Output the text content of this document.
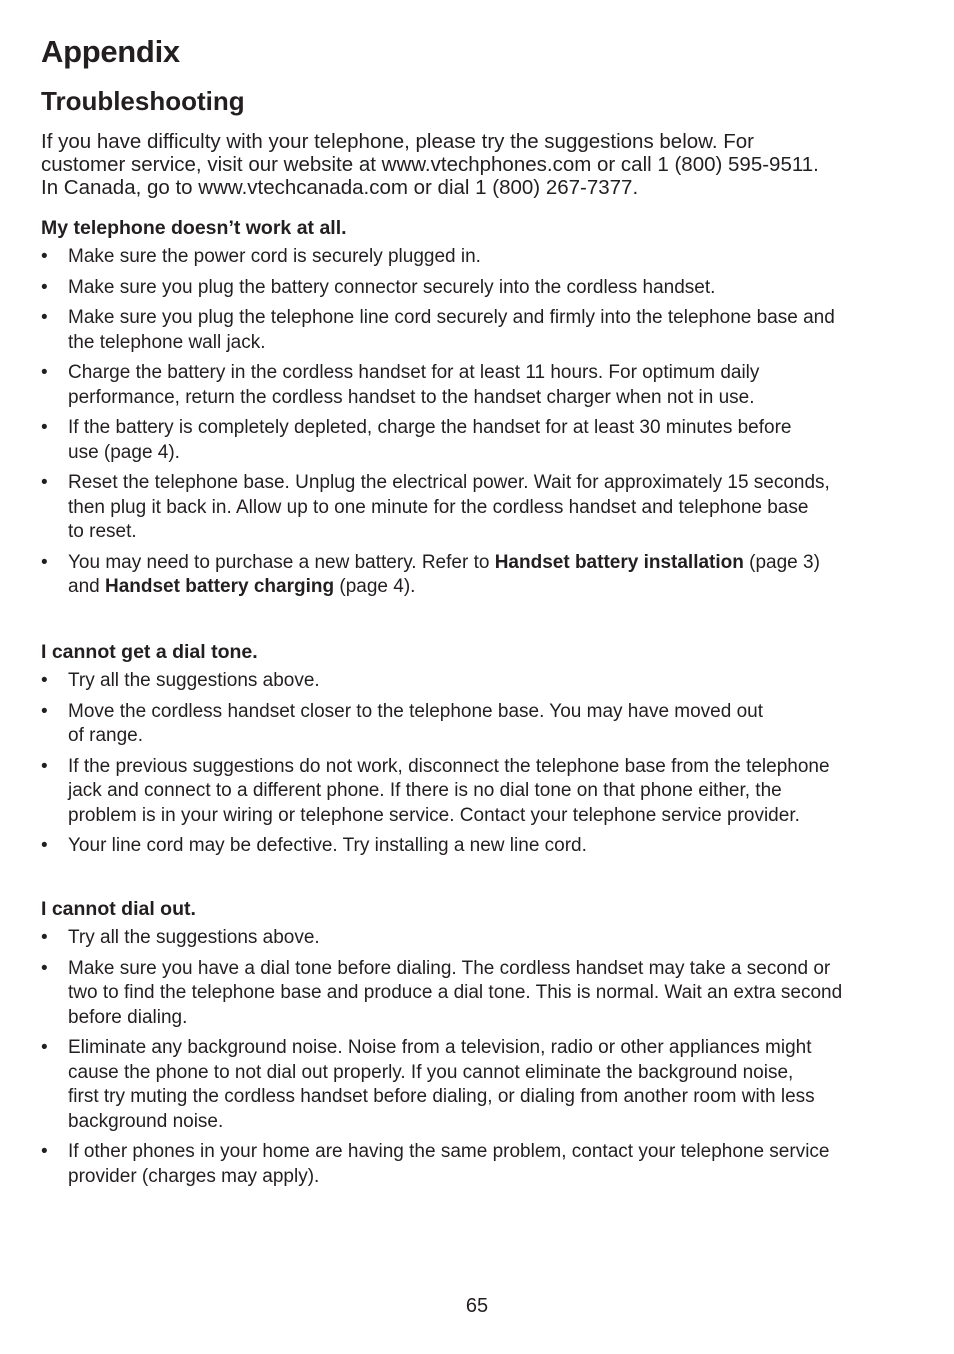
Appendix
Troubleshooting

If you have difficulty with your telephone, please try the suggestions below. For
customer service, visit our website at www.vtechphones.com or call 1 (800) 595-9511.
In Canada, go to www.vtechcanada.com or dial 1 (800) 267-7377.

My telephone doesn’t work at all.
• Make sure the power cord is securely plugged in.
• Make sure you plug the battery connector securely into the cordless handset.
• Make sure you plug the telephone line cord securely and firmly into the telephone base and
the telephone wall jack.
• Charge the battery in the cordless handset for at least 11 hours. For optimum daily
performance, return the cordless handset to the handset charger when not in use.
• If the battery is completely depleted, charge the handset for at least 30 minutes before
use (page 4).
• Reset the telephone base. Unplug the electrical power. Wait for approximately 15 seconds,
then plug it back in. Allow up to one minute for the cordless handset and telephone base
to reset.
• You may need to purchase a new battery. Refer to Handset battery installation (page 3)
and Handset battery charging (page 4).
I cannot get a dial tone.
• Try all the suggestions above.
• Move the cordless handset closer to the telephone base. You may have moved out
of range.
• If the previous suggestions do not work, disconnect the telephone base from the telephone
jack and connect to a different phone. If there is no dial tone on that phone either, the
problem is in your wiring or telephone service. Contact your telephone service provider.
• Your line cord may be defective. Try installing a new line cord.
I cannot dial out.
• Try all the suggestions above.
• Make sure you have a dial tone before dialing. The cordless handset may take a second or
two to find the telephone base and produce a dial tone. This is normal. Wait an extra second
before dialing.
• Eliminate any background noise. Noise from a television, radio or other appliances might
cause the phone to not dial out properly. If you cannot eliminate the background noise,
first try muting the cordless handset before dialing, or dialing from another room with less
background noise.
• If other phones in your home are having the same problem, contact your telephone service
provider (charges may apply).
65
